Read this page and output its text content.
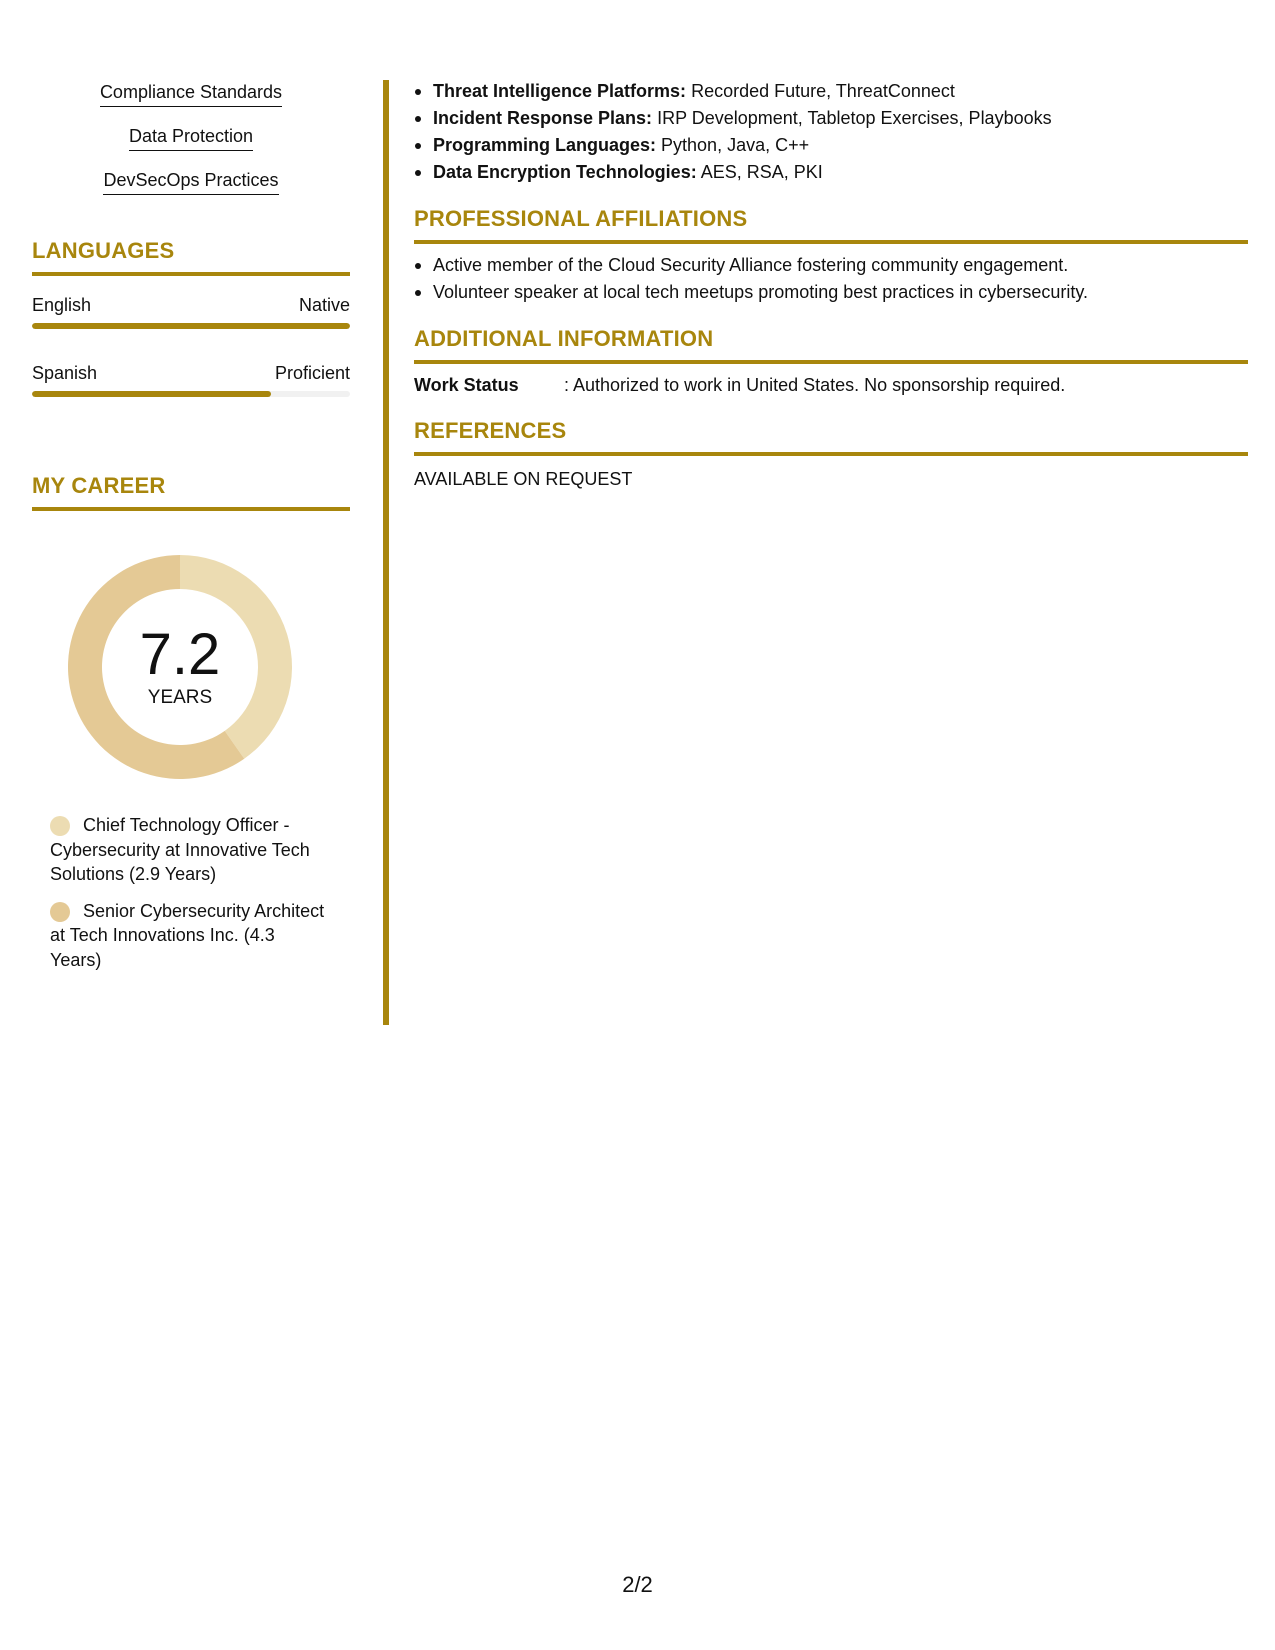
Compliance Standards
Data Protection
DevSecOps Practices
LANGUAGES
English	Native
Spanish	Proficient
MY CAREER
7.2
YEARS
Chief Technology Officer - Cybersecurity at Innovative Tech Solutions (2.9 Years)
Senior Cybersecurity Architect at Tech Innovations Inc. (4.3 Years)
Threat Intelligence Platforms: Recorded Future, ThreatConnect
Incident Response Plans: IRP Development, Tabletop Exercises, Playbooks
Programming Languages: Python, Java, C++
Data Encryption Technologies: AES, RSA, PKI
PROFESSIONAL AFFILIATIONS
Active member of the Cloud Security Alliance fostering community engagement.
Volunteer speaker at local tech meetups promoting best practices in cybersecurity.
ADDITIONAL INFORMATION
Work Status	: Authorized to work in United States. No sponsorship required.
REFERENCES
AVAILABLE ON REQUEST
2/2
